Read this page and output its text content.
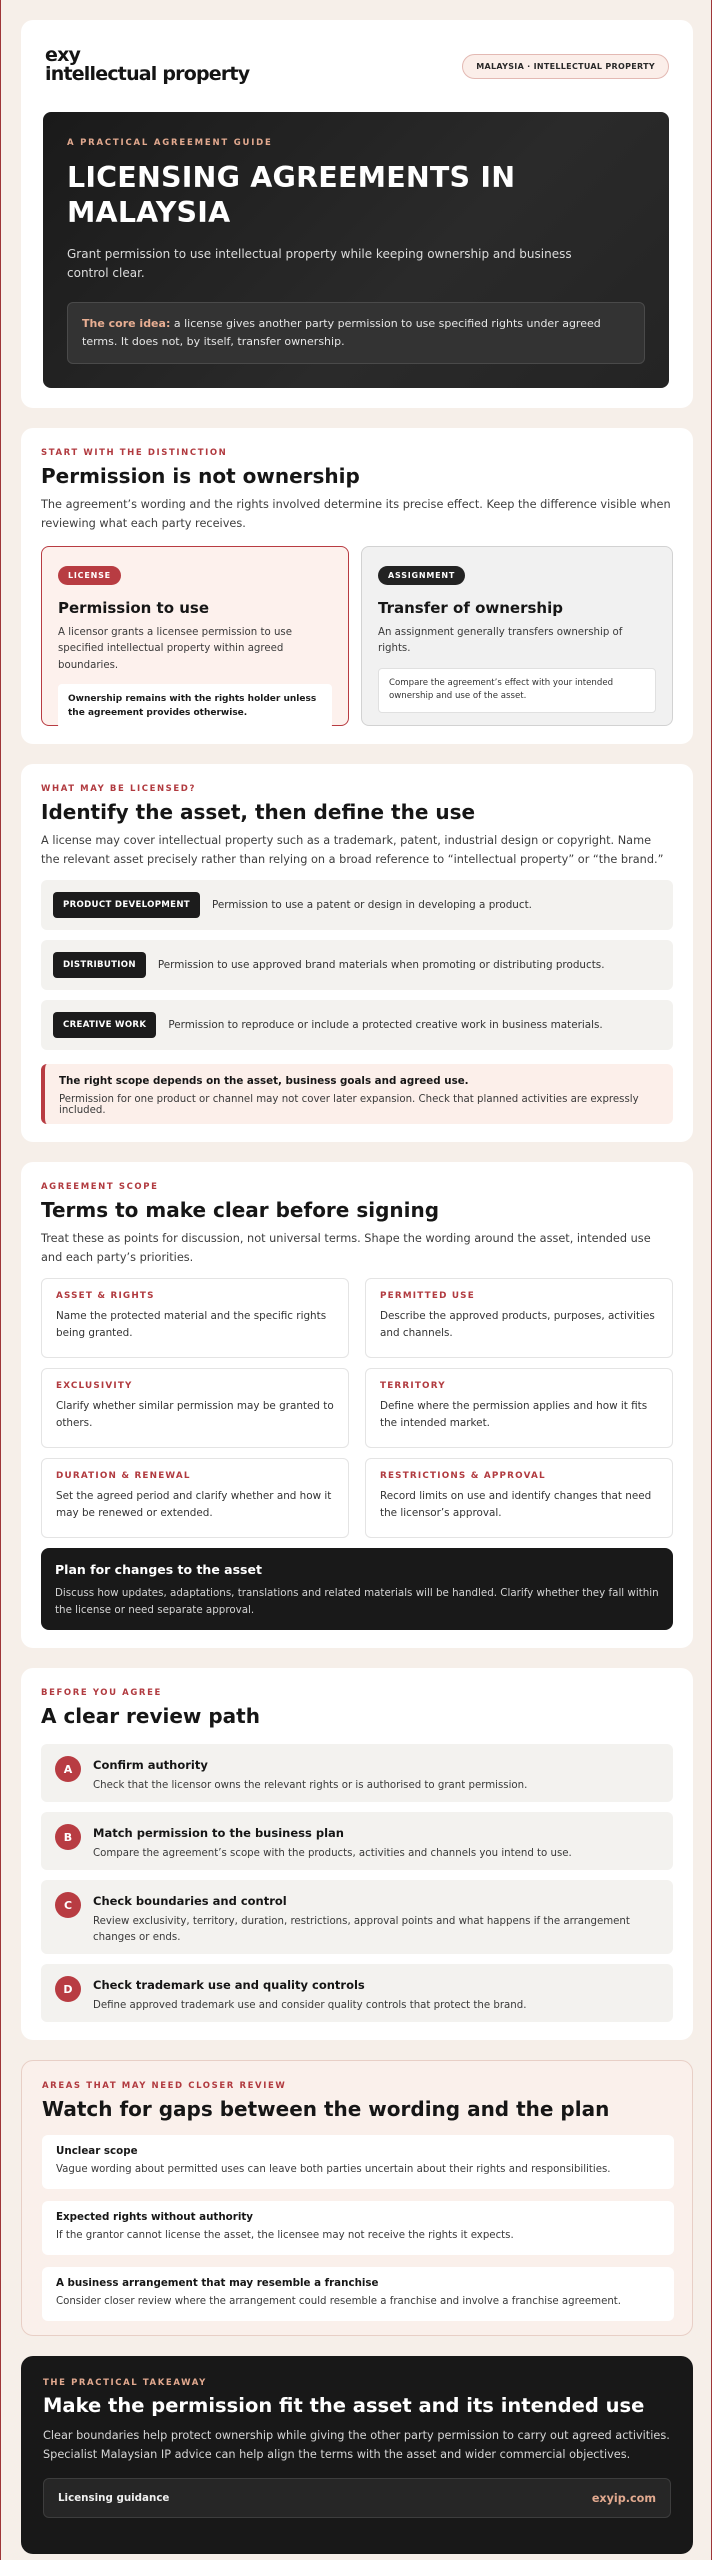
exy
intellectual property	MALAYSIA · INTELLECTUAL PROPERTY
A PRACTICAL AGREEMENT GUIDE
LICENSING AGREEMENTS IN MALAYSIA
Grant permission to use intellectual property while keeping ownership and business control clear.
The core idea: a license gives another party permission to use specified rights under agreed terms. It does not, by itself, transfer ownership.
START WITH THE DISTINCTION
Permission is not ownership
The agreement’s wording and the rights involved determine its precise effect. Keep the difference visible when reviewing what each party receives.
LICENSE
Permission to use
A licensor grants a licensee permission to use specified intellectual property within agreed boundaries.
Ownership remains with the rights holder unless the agreement provides otherwise.
ASSIGNMENT
Transfer of ownership
An assignment generally transfers ownership of rights.
Compare the agreement’s effect with your intended ownership and use of the asset.
WHAT MAY BE LICENSED?
Identify the asset, then define the use
A license may cover intellectual property such as a trademark, patent, industrial design or copyright. Name the relevant asset precisely rather than relying on a broad reference to “intellectual property” or “the brand.”
PRODUCT DEVELOPMENT	Permission to use a patent or design in developing a product.
DISTRIBUTION	Permission to use approved brand materials when promoting or distributing products.
CREATIVE WORK	Permission to reproduce or include a protected creative work in business materials.
The right scope depends on the asset, business goals and agreed use.
Permission for one product or channel may not cover later expansion. Check that planned activities are expressly included.
AGREEMENT SCOPE
Terms to make clear before signing
Treat these as points for discussion, not universal terms. Shape the wording around the asset, intended use and each party’s priorities.
ASSET & RIGHTS
Name the protected material and the specific rights being granted.
PERMITTED USE
Describe the approved products, purposes, activities and channels.
EXCLUSIVITY
Clarify whether similar permission may be granted to others.
TERRITORY
Define where the permission applies and how it fits the intended market.
DURATION & RENEWAL
Set the agreed period and clarify whether and how it may be renewed or extended.
RESTRICTIONS & APPROVAL
Record limits on use and identify changes that need the licensor’s approval.
Plan for changes to the asset
Discuss how updates, adaptations, translations and related materials will be handled. Clarify whether they fall within the license or need separate approval.
BEFORE YOU AGREE
A clear review path
A	Confirm authority
Check that the licensor owns the relevant rights or is authorised to grant permission.
B	Match permission to the business plan
Compare the agreement’s scope with the products, activities and channels you intend to use.
C	Check boundaries and control
Review exclusivity, territory, duration, restrictions, approval points and what happens if the arrangement changes or ends.
D	Check trademark use and quality controls
Define approved trademark use and consider quality controls that protect the brand.
AREAS THAT MAY NEED CLOSER REVIEW
Watch for gaps between the wording and the plan
Unclear scope
Vague wording about permitted uses can leave both parties uncertain about their rights and responsibilities.
Expected rights without authority
If the grantor cannot license the asset, the licensee may not receive the rights it expects.
A business arrangement that may resemble a franchise
Consider closer review where the arrangement could resemble a franchise and involve a franchise agreement.
THE PRACTICAL TAKEAWAY
Make the permission fit the asset and its intended use
Clear boundaries help protect ownership while giving the other party permission to carry out agreed activities. Specialist Malaysian IP advice can help align the terms with the asset and wider commercial objectives.
Licensing guidance	exyip.com
